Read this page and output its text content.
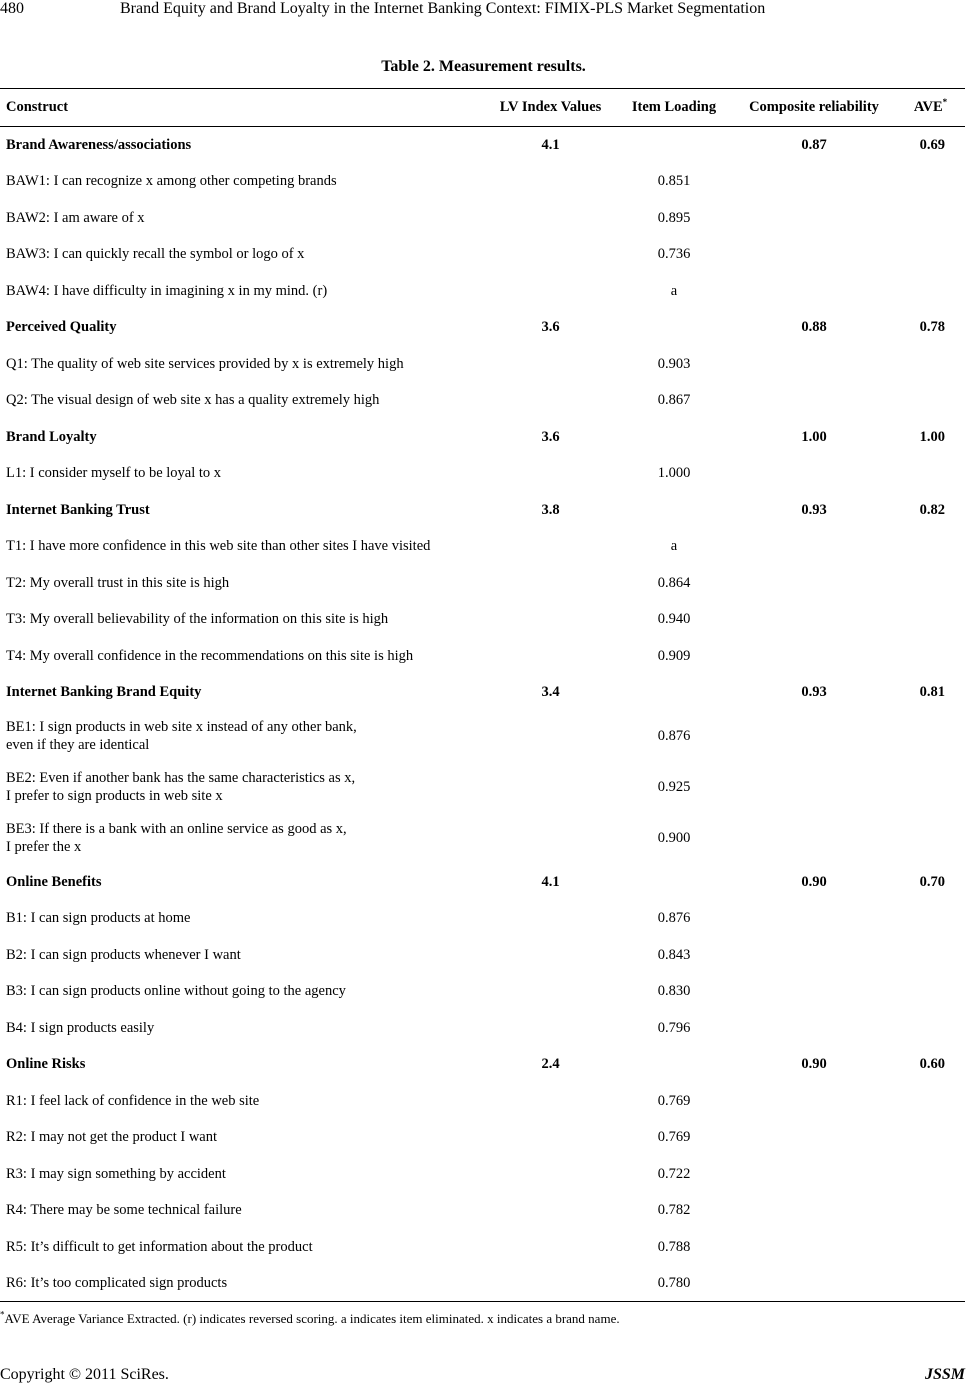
480	Brand Equity and Brand Loyalty in the Internet Banking Context: FIMIX-PLS Market Segmentation
Table 2. Measurement results.
Construct	LV Index Values	Item Loading	Composite reliability	AVE*
Brand Awareness/associations	4.1		0.87	0.69
BAW1: I can recognize x among other competing brands		0.851		
BAW2: I am aware of x		0.895		
BAW3: I can quickly recall the symbol or logo of x		0.736		
BAW4: I have difficulty in imagining x in my mind. (r)		a		
Perceived Quality	3.6		0.88	0.78
Q1: The quality of web site services provided by x is extremely high		0.903		
Q2: The visual design of web site x has a quality extremely high		0.867		
Brand Loyalty	3.6		1.00	1.00
L1: I consider myself to be loyal to x		1.000		
Internet Banking Trust	3.8		0.93	0.82
T1: I have more confidence in this web site than other sites I have visited		a		
T2: My overall trust in this site is high		0.864		
T3: My overall believability of the information on this site is high		0.940		
T4: My overall confidence in the recommendations on this site is high		0.909		
Internet Banking Brand Equity	3.4		0.93	0.81

BE1: I sign products in web site x instead of any other bank,
even if they are identical		0.876		

BE2: Even if another bank has the same characteristics as x,
I prefer to sign products in web site x		0.925		

BE3: If there is a bank with an online service as good as x,
I prefer the x		0.900		
Online Benefits	4.1		0.90	0.70
B1: I can sign products at home		0.876		
B2: I can sign products whenever I want		0.843		
B3: I can sign products online without going to the agency		0.830		
B4: I sign products easily		0.796		
Online Risks	2.4		0.90	0.60
R1: I feel lack of confidence in the web site		0.769		
R2: I may not get the product I want		0.769		
R3: I may sign something by accident		0.722		
R4: There may be some technical failure		0.782		
R5: It’s difficult to get information about the product		0.788		
R6: It’s too complicated sign products		0.780		
*AVE Average Variance Extracted. (r) indicates reversed scoring. a indicates item eliminated. x indicates a brand name.
Copyright © 2011 SciRes.	JSSM
